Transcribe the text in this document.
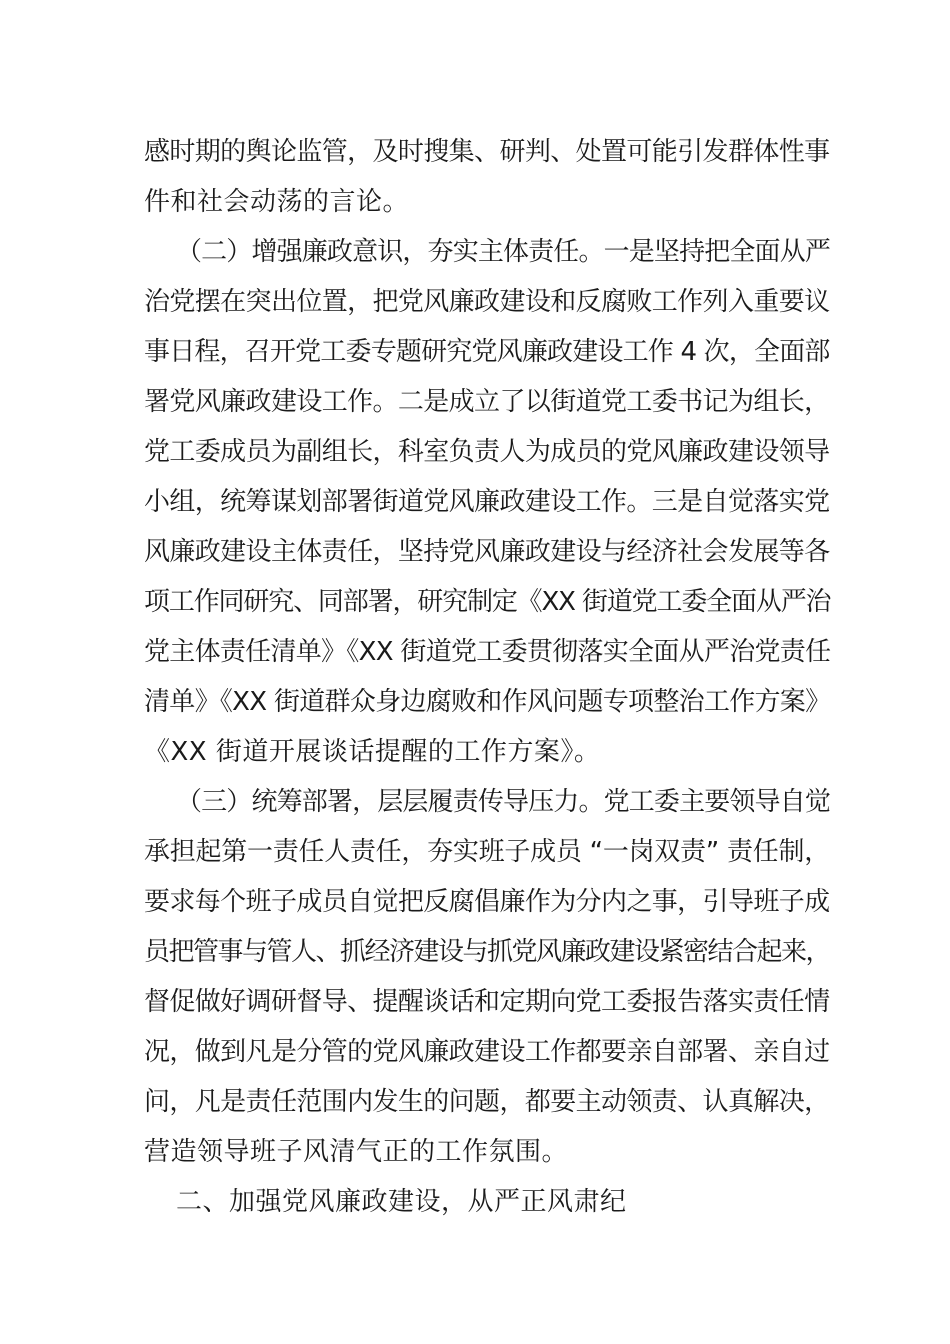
感时期的舆论监管，及时搜集、研判、处置可能引发群体性事
件和社会动荡的言论。
（二）增强廉政意识，夯实主体责任。一是坚持把全面从严
治党摆在突出位置，把党风廉政建设和反腐败工作列入重要议
事日程，召开党工委专题研究党风廉政建设工作 4 次，全面部
署党风廉政建设工作。二是成立了以街道党工委书记为组长，
党工委成员为副组长，科室负责人为成员的党风廉政建设领导
小组，统筹谋划部署街道党风廉政建设工作。三是自觉落实党
风廉政建设主体责任，坚持党风廉政建设与经济社会发展等各
项工作同研究、同部署，研究制定《XX 街道党工委全面从严治
党主体责任清单》《XX 街道党工委贯彻落实全面从严治党责任
清单》《XX 街道群众身边腐败和作风问题专项整治工作方案》
《XX 街道开展谈话提醒的工作方案》。
（三）统筹部署，层层履责传导压力。党工委主要领导自觉
承担起第一责任人责任，夯实班子成员 “一岗双责” 责任制，
要求每个班子成员自觉把反腐倡廉作为分内之事，引导班子成
员把管事与管人、抓经济建设与抓党风廉政建设紧密结合起来，
督促做好调研督导、提醒谈话和定期向党工委报告落实责任情
况，做到凡是分管的党风廉政建设工作都要亲自部署、亲自过
问，凡是责任范围内发生的问题，都要主动领责、认真解决，
营造领导班子风清气正的工作氛围。
二、加强党风廉政建设，从严正风肃纪
